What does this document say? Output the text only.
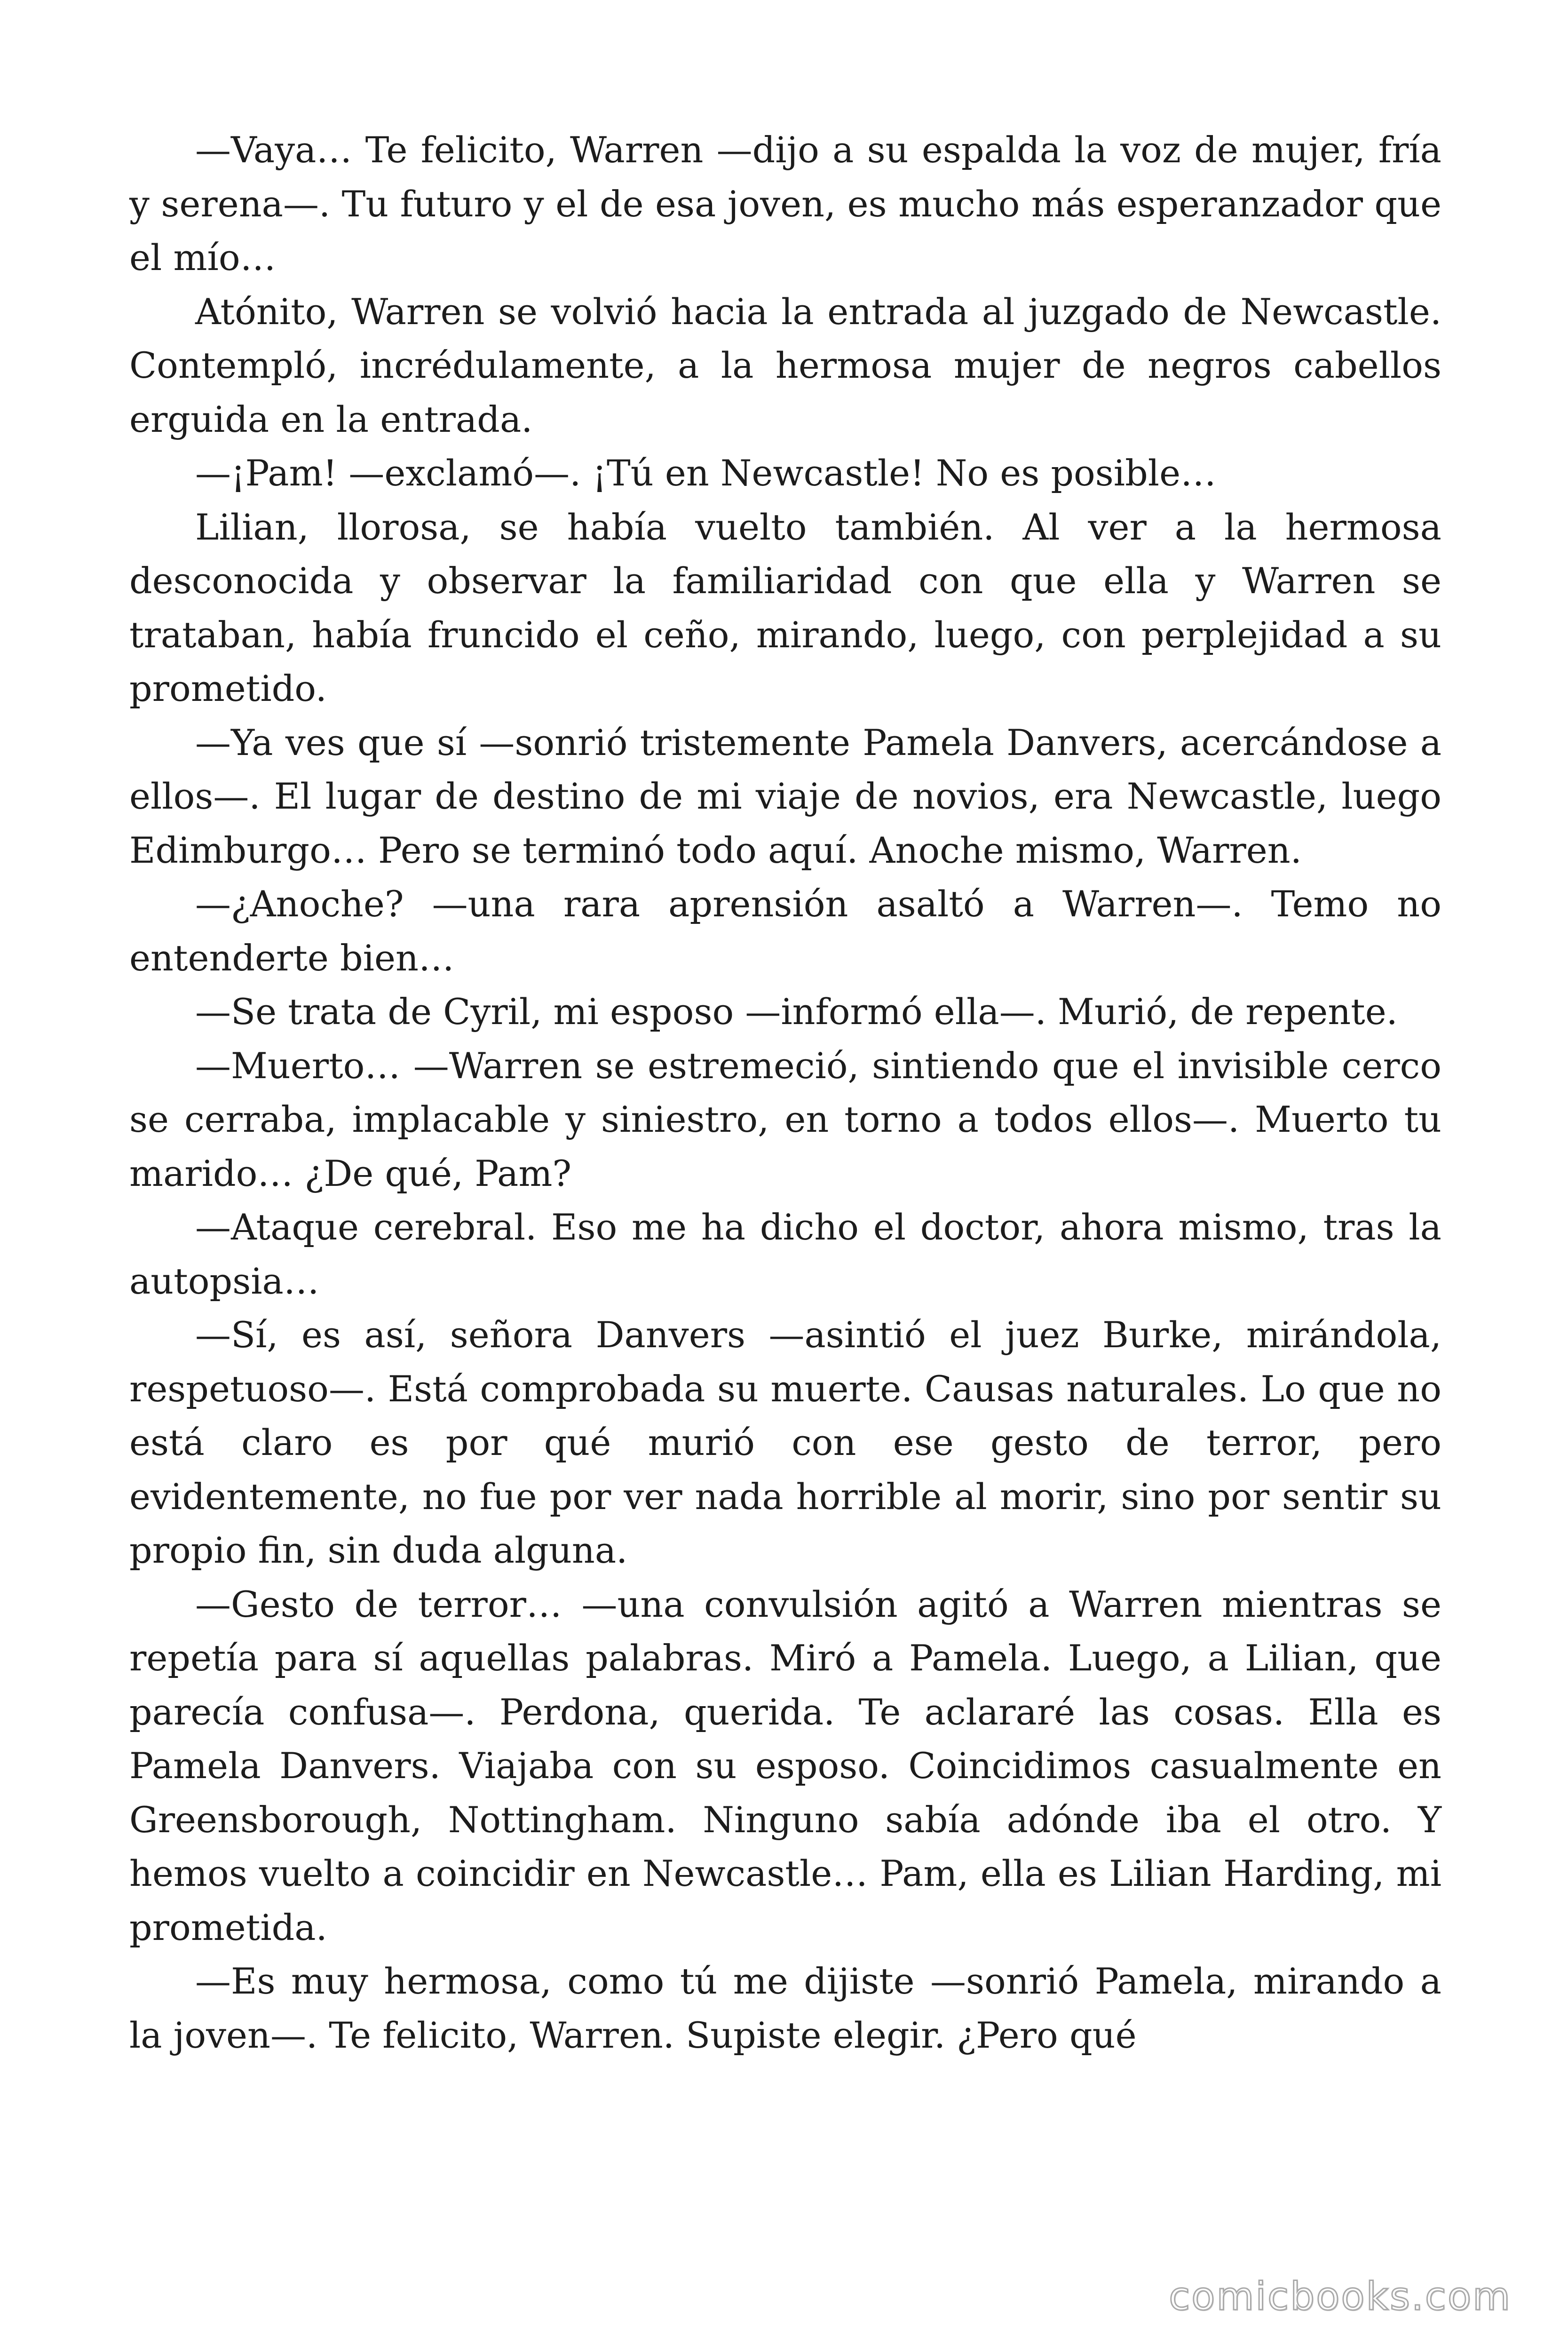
—Vaya… Te felicito, Warren —dijo a su espalda la voz de mujer, fría y serena—. Tu futuro y el de esa joven, es mucho más esperanzador que el mío…

Atónito, Warren se volvió hacia la entrada al juzgado de Newcastle. Contempló, incrédulamente, a la hermosa mujer de negros cabellos erguida en la entrada.

—¡Pam! —exclamó—. ¡Tú en Newcastle! No es posible…

Lilian, llorosa, se había vuelto también. Al ver a la hermosa desconocida y observar la familiaridad con que ella y Warren se trataban, había fruncido el ceño, mirando, luego, con perplejidad a su prometido.

—Ya ves que sí —sonrió tristemente Pamela Danvers, acercándose a ellos—. El lugar de destino de mi viaje de novios, era Newcastle, luego Edimburgo… Pero se terminó todo aquí. Anoche mismo, Warren.

—¿Anoche? —una rara aprensión asaltó a Warren—. Temo no entenderte bien…

—Se trata de Cyril, mi esposo —informó ella—. Murió, de repente.

—Muerto… —Warren se estremeció, sintiendo que el invisible cerco se cerraba, implacable y siniestro, en torno a todos ellos—. Muerto tu marido… ¿De qué, Pam?

—Ataque cerebral. Eso me ha dicho el doctor, ahora mismo, tras la autopsia…

—Sí, es así, señora Danvers —asintió el juez Burke, mirándola, respetuoso—. Está comprobada su muerte. Causas naturales. Lo que no está claro es por qué murió con ese gesto de terror, pero evidentemente, no fue por ver nada horrible al morir, sino por sentir su propio fin, sin duda alguna.

—Gesto de terror… —una convulsión agitó a Warren mientras se repetía para sí aquellas palabras. Miró a Pamela. Luego, a Lilian, que parecía confusa—. Perdona, querida. Te aclararé las cosas. Ella es Pamela Danvers. Viajaba con su esposo. Coincidimos casualmente en Greensborough, Nottingham. Ninguno sabía adónde iba el otro. Y hemos vuelto a coincidir en Newcastle… Pam, ella es Lilian Harding, mi prometida.

—Es muy hermosa, como tú me dijiste —sonrió Pamela, mirando a la joven—. Te felicito, Warren. Supiste elegir. ¿Pero qué

comicbooks.com
